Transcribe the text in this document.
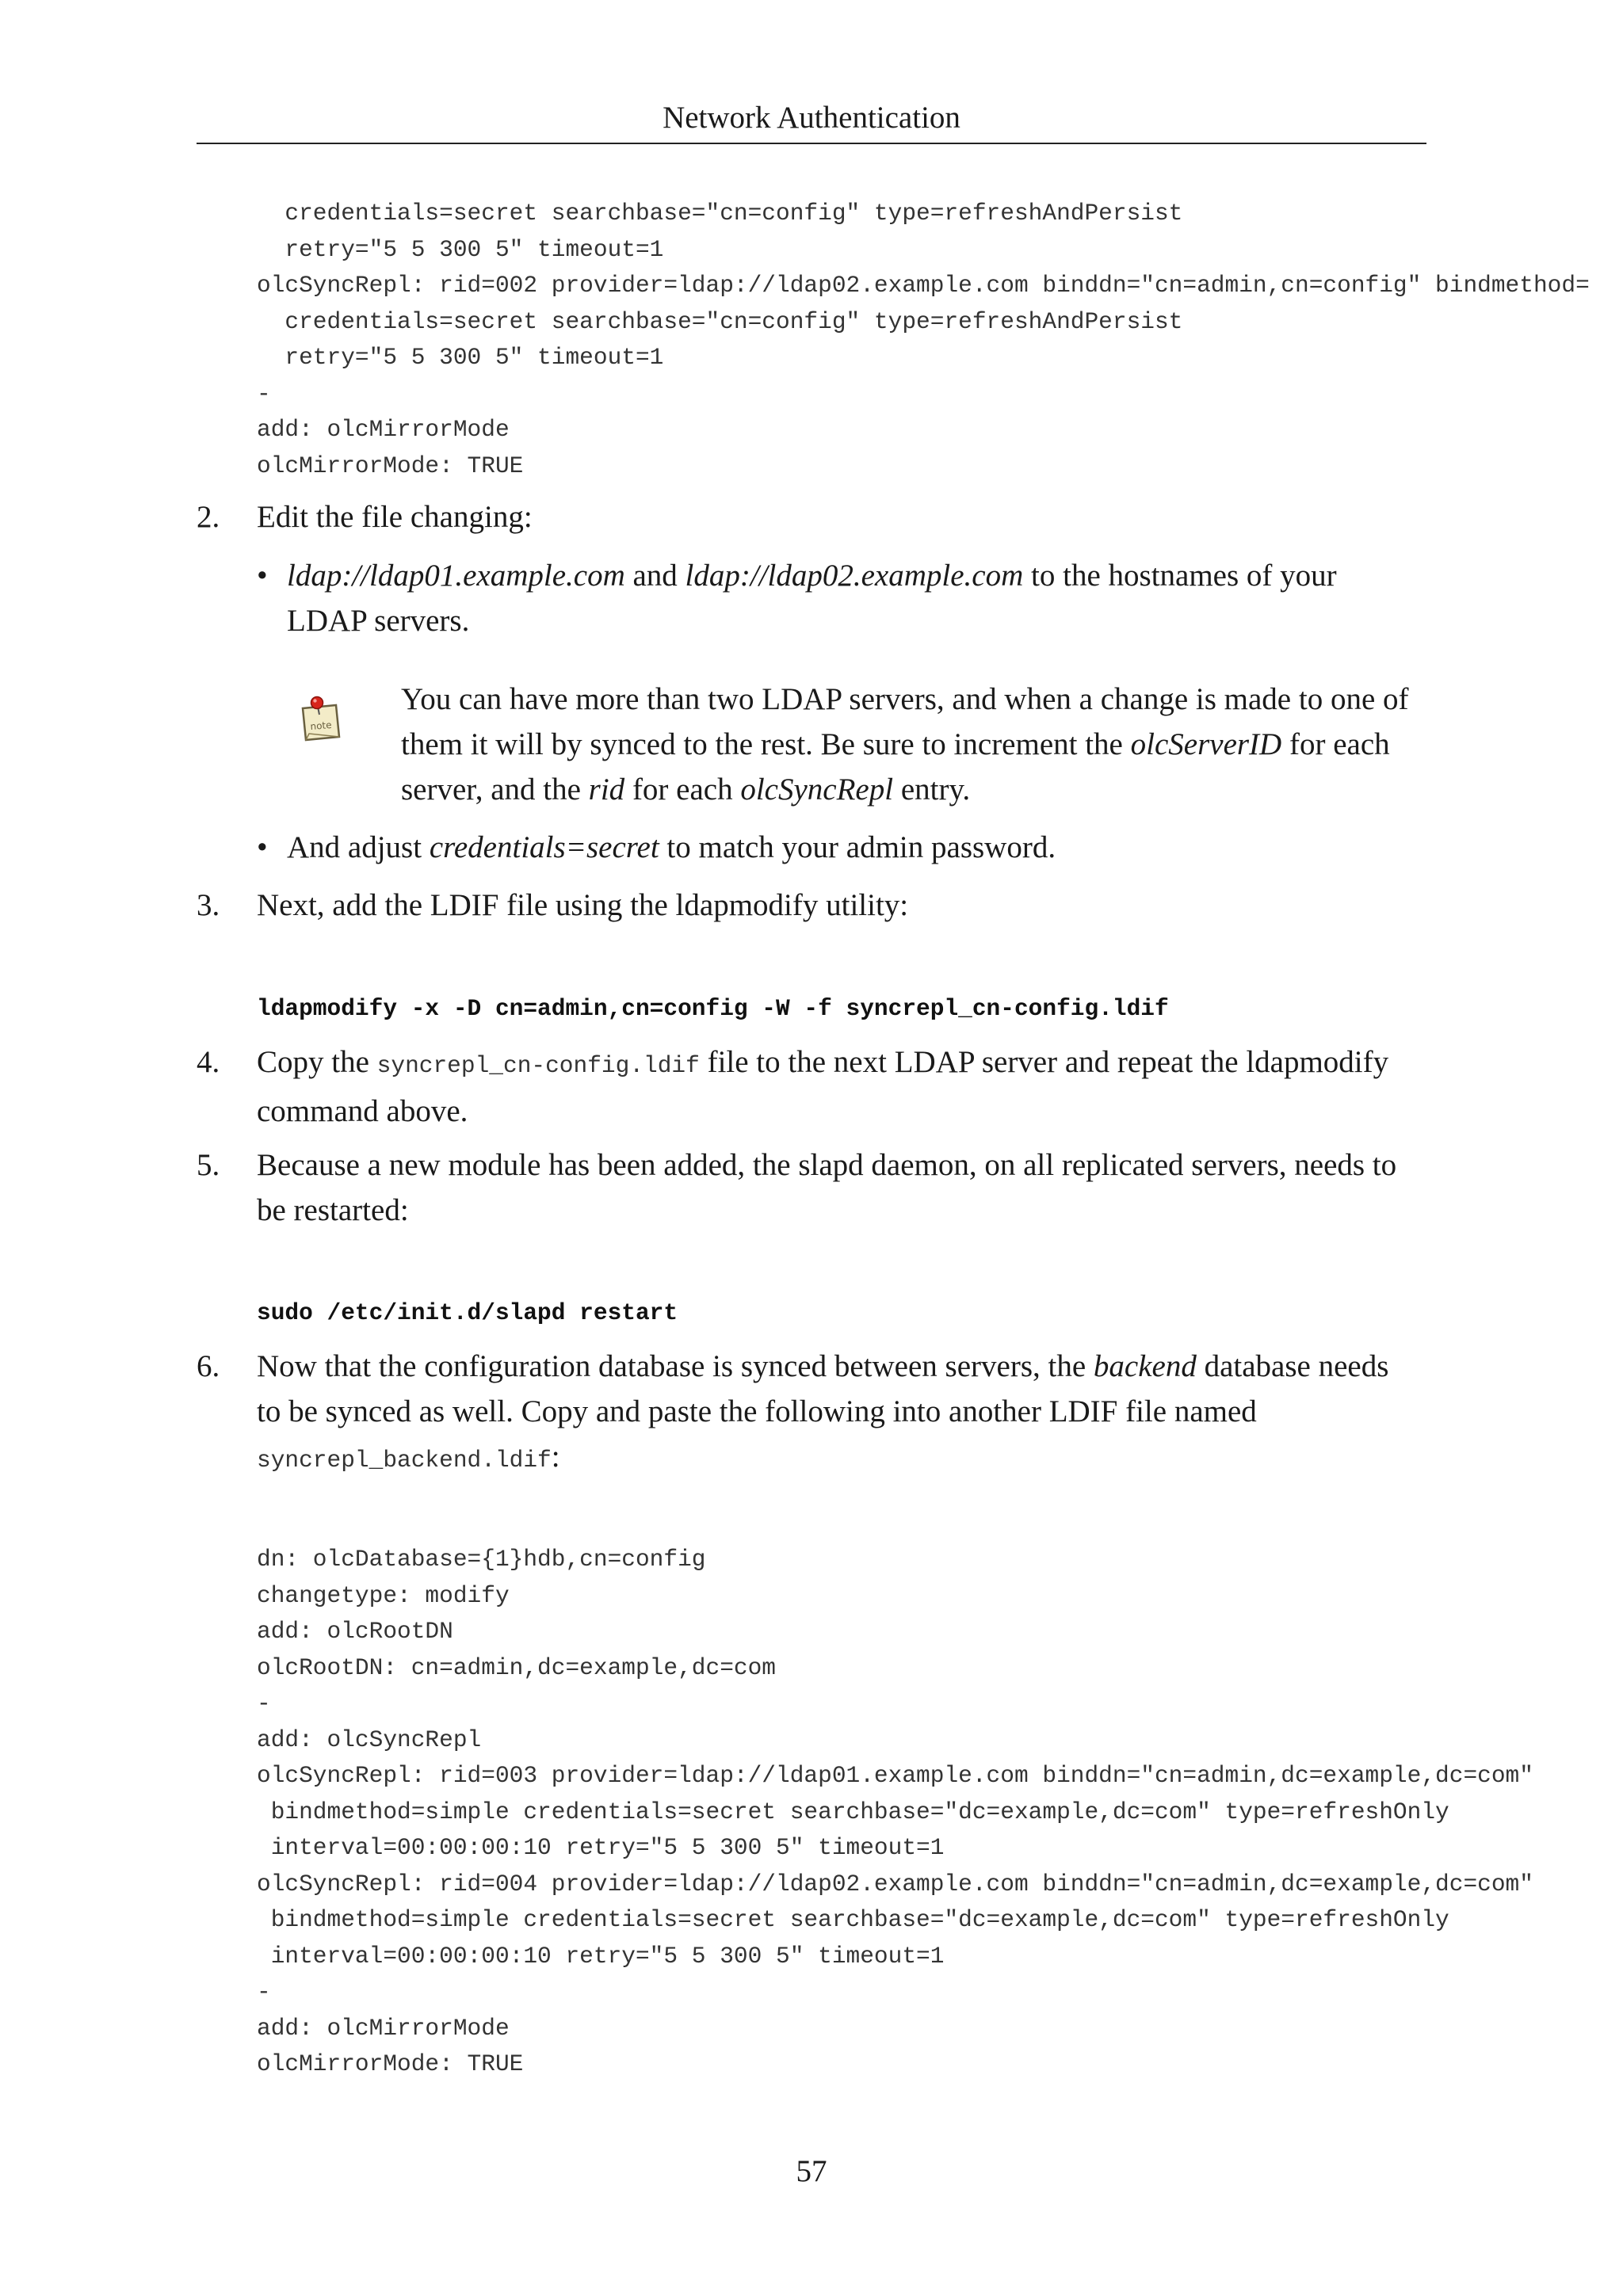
Network Authentication
credentials=secret searchbase="cn=config" type=refreshAndPersist
retry="5 5 300 5" timeout=1
olcSyncRepl: rid=002 provider=ldap://ldap02.example.com binddn="cn=admin,cn=config" bindmethod=
credentials=secret searchbase="cn=config" type=refreshAndPersist
retry="5 5 300 5" timeout=1
-
add: olcMirrorMode
olcMirrorMode: TRUE
2.	Edit the file changing:
• ldap://ldap01.example.com and ldap://ldap02.example.com to the hostnames of your LDAP servers.
note
You can have more than two LDAP servers, and when a change is made to one of them it will by synced to the rest. Be sure to increment the olcServerID for each server, and the rid for each olcSyncRepl entry.
• And adjust credentials=secret to match your admin password.
3.	Next, add the LDIF file using the ldapmodify utility:
ldapmodify -x -D cn=admin,cn=config -W -f syncrepl_cn-config.ldif
4.	Copy the syncrepl_cn-config.ldif file to the next LDAP server and repeat the ldapmodify command above.
5.	Because a new module has been added, the slapd daemon, on all replicated servers, needs to be restarted:
sudo /etc/init.d/slapd restart
6.	Now that the configuration database is synced between servers, the backend database needs to be synced as well. Copy and paste the following into another LDIF file named syncrepl_backend.ldif:
dn: olcDatabase={1}hdb,cn=config
changetype: modify
add: olcRootDN
olcRootDN: cn=admin,dc=example,dc=com
-
add: olcSyncRepl
olcSyncRepl: rid=003 provider=ldap://ldap01.example.com binddn="cn=admin,dc=example,dc=com"
bindmethod=simple credentials=secret searchbase="dc=example,dc=com" type=refreshOnly
interval=00:00:00:10 retry="5 5 300 5" timeout=1
olcSyncRepl: rid=004 provider=ldap://ldap02.example.com binddn="cn=admin,dc=example,dc=com"
bindmethod=simple credentials=secret searchbase="dc=example,dc=com" type=refreshOnly
interval=00:00:00:10 retry="5 5 300 5" timeout=1
-
add: olcMirrorMode
olcMirrorMode: TRUE
57
